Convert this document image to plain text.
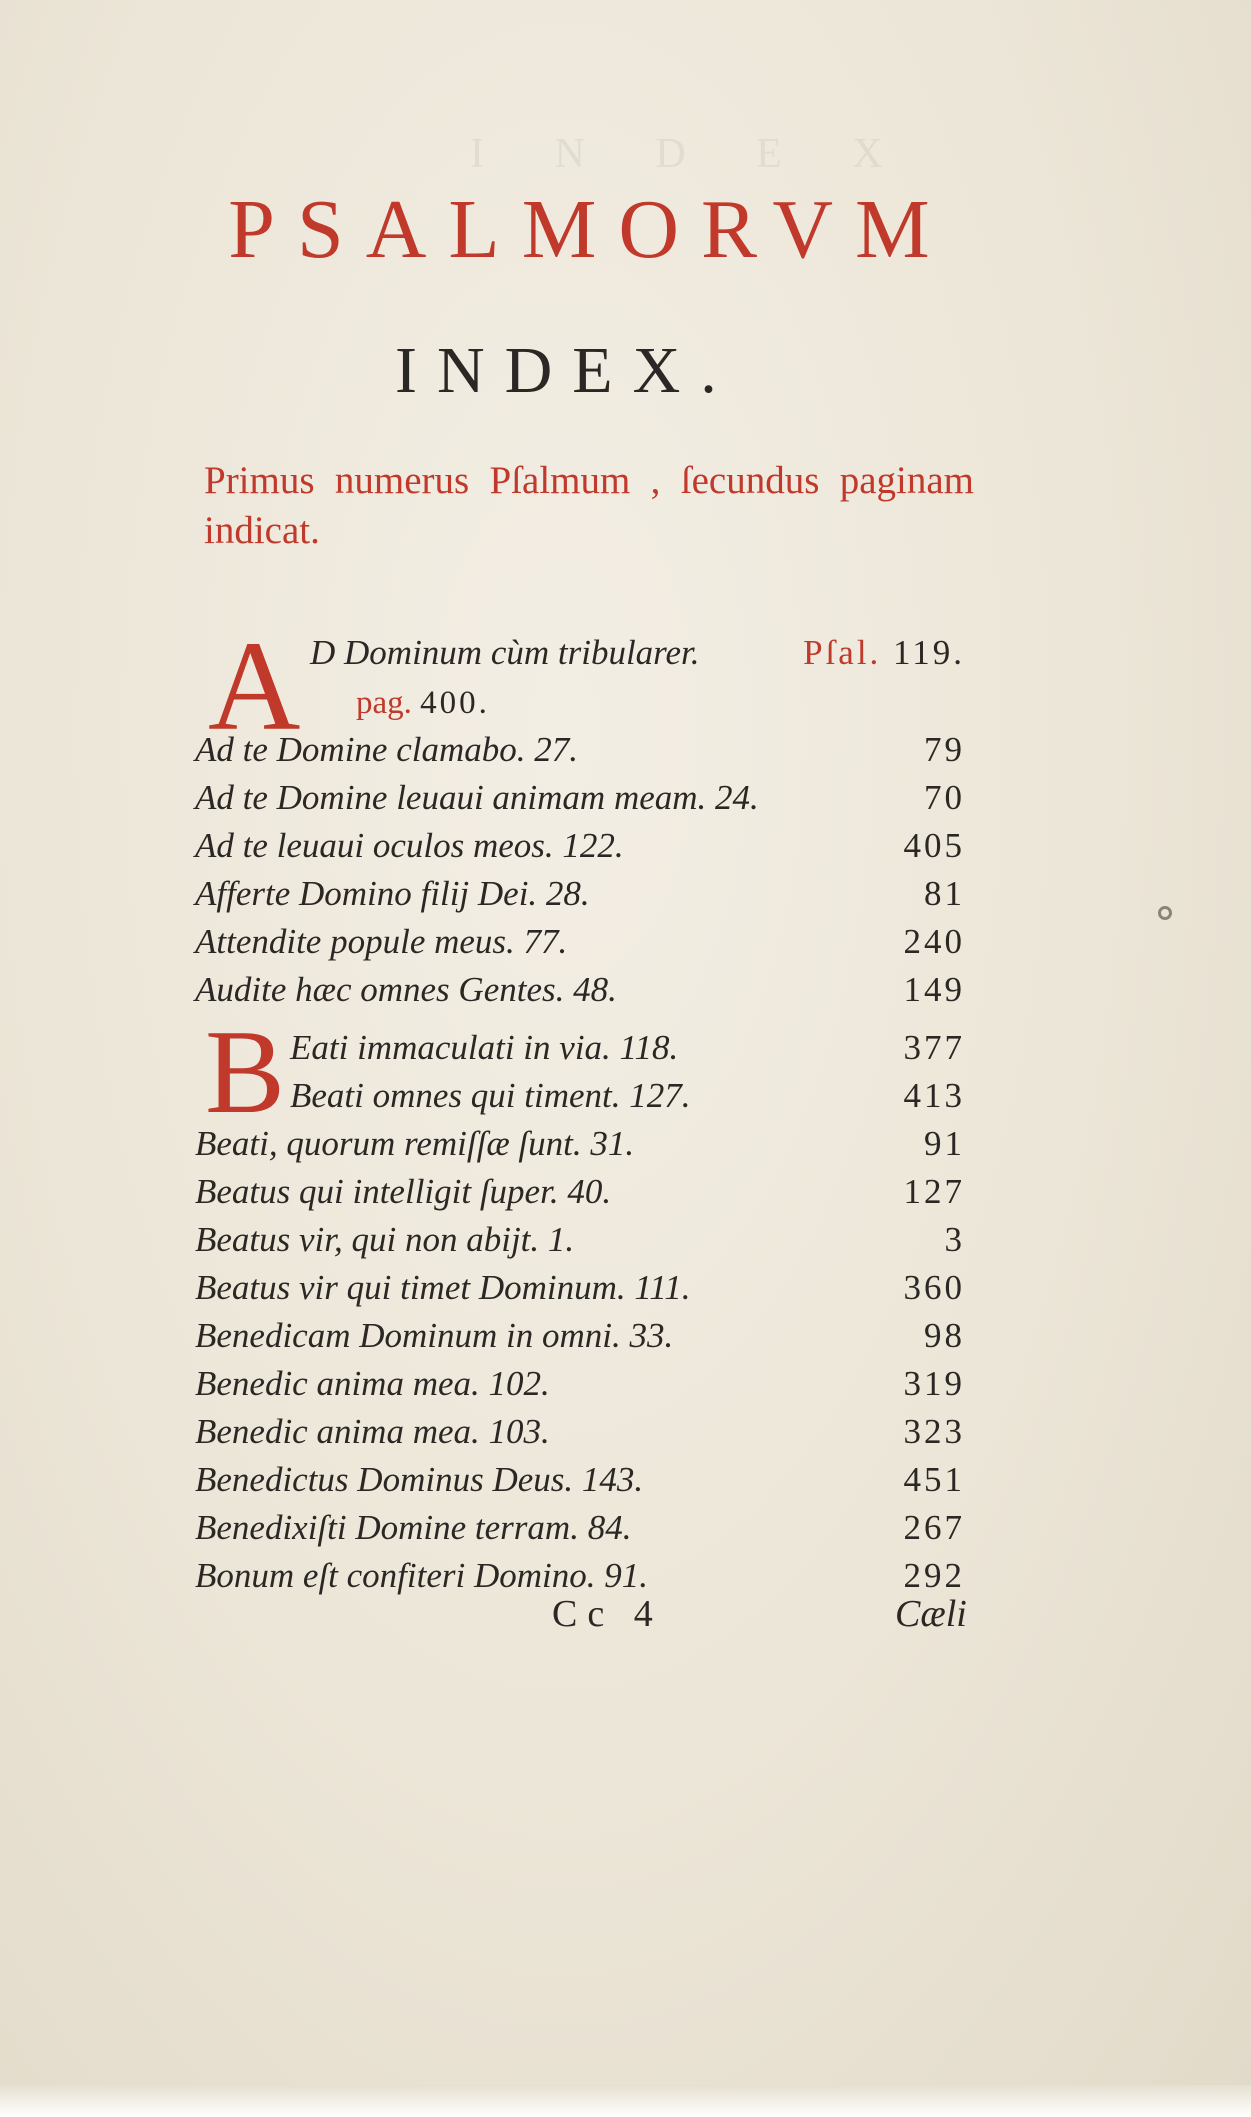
I N D E X
PSALMORVM
INDEX.
Primus numerus Pſalmum , ſecundus paginam indicat.
A D Dominum cùm tribularer.	Pſal. 119.
pag. 400.
Ad te Domine clamabo. 27.	79
Ad te Domine leuaui animam meam. 24.	70
Ad te leuaui oculos meos. 122.	405
Afferte Domino filij Dei. 28.	81
Attendite popule meus. 77.	240
Audite hæc omnes Gentes. 48.	149
B Eati immaculati in via. 118.	377
Beati omnes qui timent. 127.	413
Beati, quorum remiſſæ ſunt. 31.	91
Beatus qui intelligit ſuper. 40.	127
Beatus vir, qui non abijt. 1.	3
Beatus vir qui timet Dominum. 111.	360
Benedicam Dominum in omni. 33.	98
Benedic anima mea. 102.	319
Benedic anima mea. 103.	323
Benedictus Dominus Deus. 143.	451
Benedixiſti Domine terram. 84.	267
Bonum eſt confiteri Domino. 91.	292
Cc 4	Cæli
